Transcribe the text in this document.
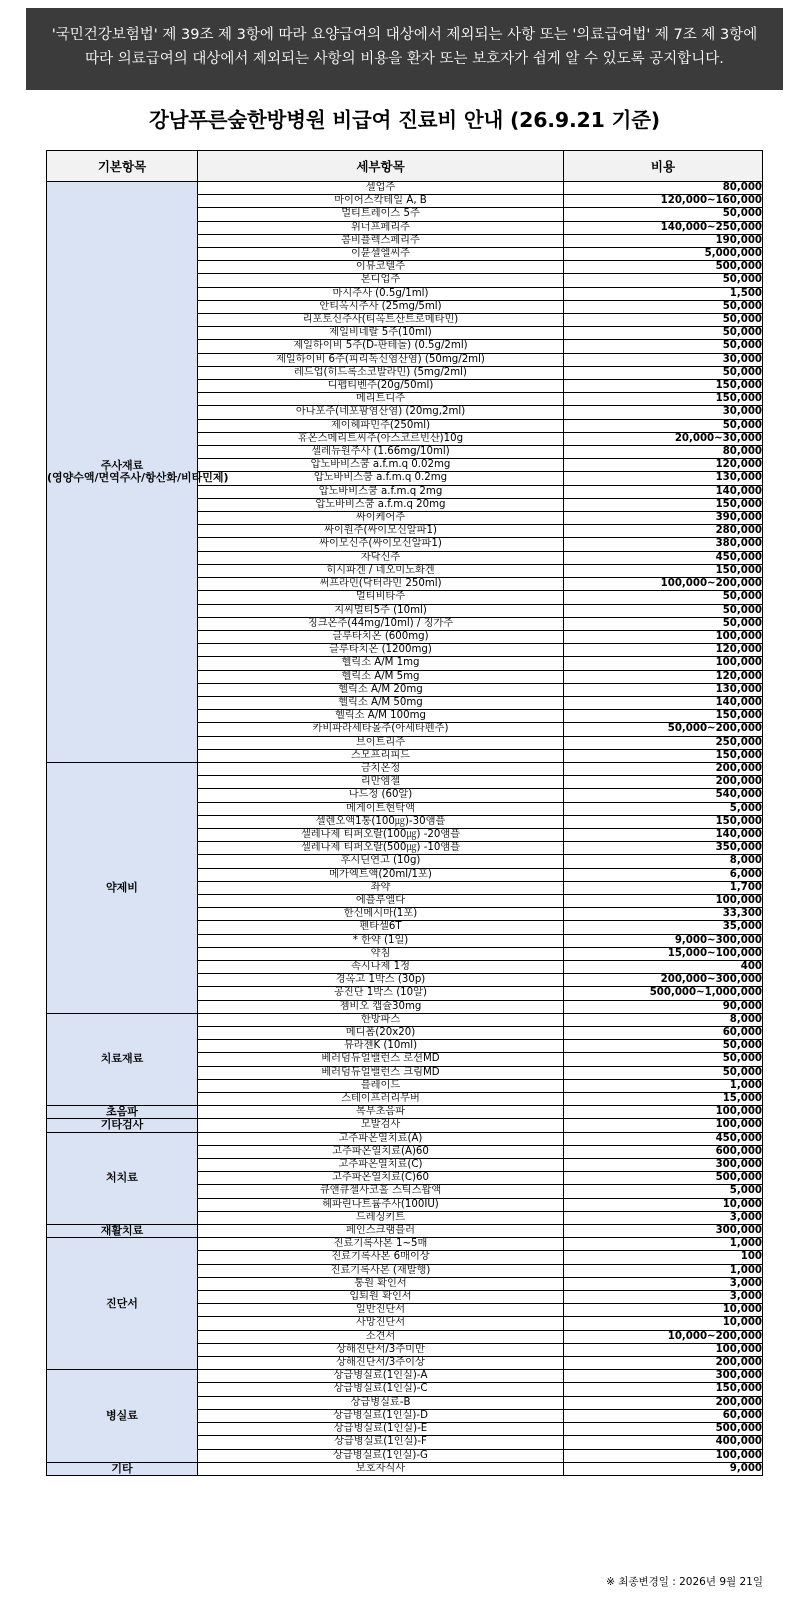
'국민건강보험법' 제 39조 제 3항에 따라 요양급여의 대상에서 제외되는 사항 또는 '의료급여법' 제 7조 제 3항에
따라 의료급여의 대상에서 제외되는 사항의 비용을 환자 또는 보호자가 쉽게 알 수 있도록 공지합니다.
강남푸른숲한방병원 비급여 진료비 안내 (26.9.21 기준)
기본항목	세부항목	비용
주사재료
(영양수액/면역주사/항산화/비타민제)	셀업주	80,000
	마이어스칵테일 A, B	120,000~160,000
	멀티트레이스 5주	50,000
	위너프페리주	140,000~250,000
	콤비플렉스페리주	190,000
	이뮨셀엘씨주	5,000,000
	이뮤코텔주	500,000
	본디업주	50,000
	마시주사 (0.5g/1ml)	1,500
	안티옥시주사 (25mg/5ml)	50,000
	리포토신주사(티옥트산트로메타민)	50,000
	제일비네랄 5주(10ml)	50,000
	제일하이비 5주(D-판테놀) (0.5g/2ml)	50,000
	제일하이비 6주(피리독신염산염) (50mg/2ml)	30,000
	레드업(히드록소코발라민) (5mg/2ml)	50,000
	디펩티벤주(20g/50ml)	150,000
	메리트디주	150,000
	아나포주(네포팜염산염) (20mg,2ml)	30,000
	제이헤파민주(250ml)	50,000
	휴온스메리트씨주(아스코르빈산)10g	20,000~30,000
	셀레뉴원주사 (1.66mg/10ml)	80,000
	압노바비스쿰 a.f.m.q 0.02mg	120,000
	압노바비스쿰 a.f.m.q 0.2mg	130,000
	압노바비스쿰 a.f.m.q 2mg	140,000
	압노바비스쿰 a.f.m.q 20mg	150,000
	싸이케어주	390,000
	싸이원주(싸이모신알파1)	280,000
	싸이모신주(싸이모신알파1)	380,000
	자닥신주	450,000
	히시파겐 / 네오미노화겐	150,000
	써프라민(닥터라민 250ml)	100,000~200,000
	멀티비타주	50,000
	지씨멀티5주 (10ml)	50,000
	징크온주(44mg/10ml) / 징가주	50,000
	글루타치온 (600mg)	100,000
	글루타치온 (1200mg)	120,000
	헬릭소 A/M 1mg	100,000
	헬릭소 A/M 5mg	120,000
	헬릭소 A/M 20mg	130,000
	헬릭소 A/M 50mg	140,000
	헬릭소 A/M 100mg	150,000
	카비파라세타몰주(아세타펜주)	50,000~200,000
	브이트리주	250,000
	스모프리피드	150,000
약제비	금치온정	200,000
	리만엠젤	200,000
	나드정 (60알)	540,000
	메게이트현탁액	5,000
	셀렌오액1통(100㎍)-30앰플	150,000
	셀레나제 티퍼오랄(100㎍) -20앰플	140,000
	셀레나제 티퍼오랄(500㎍) -10앰플	350,000
	후시딘연고 (10g)	8,000
	메가엑트액(20ml/1포)	6,000
	좌약	1,700
	에플루엘다	100,000
	한신메시마(1포)	33,300
	펜타셀6T	35,000
	* 한약 (1일)	9,000~300,000
	약침	15,000~100,000
	속시나제 1정	400
	경옥고 1박스 (30p)	200,000~300,000
	공진단 1박스 (10알)	500,000~1,000,000
	젬비오 캡슐30mg	90,000
치료재료	한방파스	8,000
	메디폼(20x20)	60,000
	뮤라젠K (10ml)	50,000
	베러덤듀얼밸런스 로션MD	50,000
	베러덤듀얼밸런스 크림MD	50,000
	블레이드	1,000
	스테이프러리무버	15,000
초음파	복부초음파	100,000
기타검사	모발검사	100,000
처치료	고주파온열치료(A)	450,000
	고주파온열치료(A)60	600,000
	고주파온열치료(C)	300,000
	고주파온열치료(C)60	500,000
	큐앤큐젤사코홀 스틱스왑액	5,000
	헤파린나트륨주사(100IU)	10,000
	드레싱키트	3,000
재활치료	페인스크램블러	300,000
진단서	진료기록사본 1~5매	1,000
	진료기록사본 6매이상	100
	진료기록사본 (재발행)	1,000
	통원 확인서	3,000
	입퇴원 확인서	3,000
	일반진단서	10,000
	사망진단서	10,000
	소견서	10,000~200,000
	상해진단서/3주미만	100,000
	상해진단서/3주이상	200,000
병실료	상급병실료(1인실)-A	300,000
	상급병실료(1인실)-C	150,000
	상급병실료-B	200,000
	상급병실료(1인실)-D	60,000
	상급병실료(1인실)-E	500,000
	상급병실료(1인실)-F	400,000
	상급병실료(1인실)-G	100,000
기타	보호자식사	9,000
※ 최종변경일 : 2026년 9월 21일
